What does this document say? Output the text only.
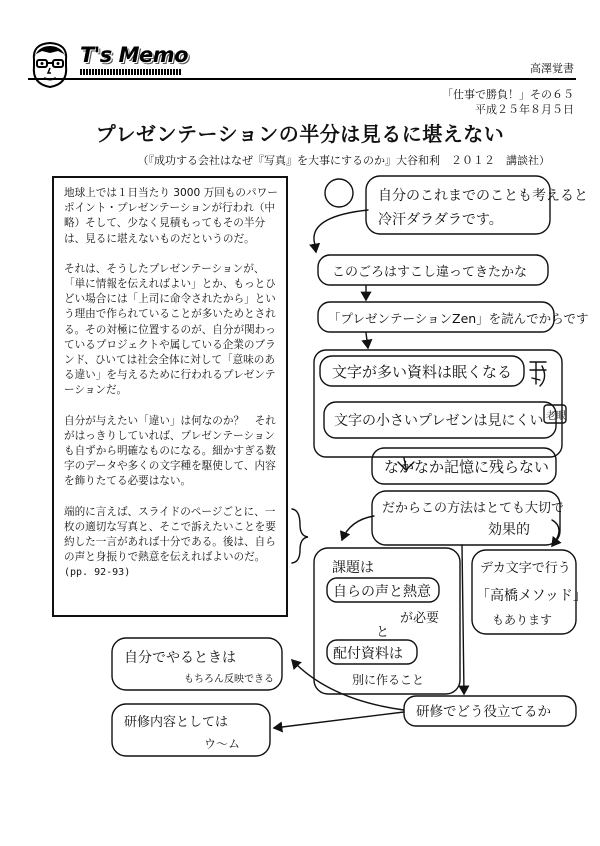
T's Memo
高澤覚書
「仕事で勝負！」その６５
平成２５年８月５日
プレゼンテーションの半分は見るに堪えない
（『成功する会社はなぜ『写真』を大事にするのか』大谷和利　２０１２　講談社）

地球上では１日当たり 3000 万回ものパワーポイント・プレゼンテーションが行われ（中略）そして、少なく見積もってもその半分は、見るに堪えないものだというのだ。

それは、そうしたプレゼンテーションが、「単に情報を伝えればよい」とか、もっとひどい場合には「上司に命令されたから」という理由で作られていることが多いためとされる。その対極に位置するのが、自分が関わっているプロジェクトや属している企業のブランド、ひいては社会全体に対して「意味のある違い」を与えるために行われるプレゼンテーションだ。

自分が与えたい「違い」は何なのか？　それがはっきりしていれば、プレゼンテーションも自ずから明確なものになる。細かすぎる数字のデータや多くの文字種を駆使して、内容を飾りたてる必要はない。

端的に言えば、スライドのページごとに、一枚の適切な写真と、そこで訴えたいことを要約した一言があれば十分である。後は、自らの声と身振りで熱意を伝えればよいのだ。

(pp. 92-93)
自分のこれまでのことも考えると
冷汗ダラダラです。
このごろはすこし違ってきたかな
「プレゼンテーションZen」を読んでからです
文字が多い資料は眠くなる
文字の小さいプレゼンは見にくい 老眼
なかなか記憶に残らない
だからこの方法はとても大切で
効果的
課題は
自らの声と熱意
が必要
と
配付資料は
別に作ること
デカ文字で行う
「高橋メソッド」
もあります
研修でどう役立てるか
自分でやるときは
もちろん反映できる
研修内容としては
ウ〜ム
